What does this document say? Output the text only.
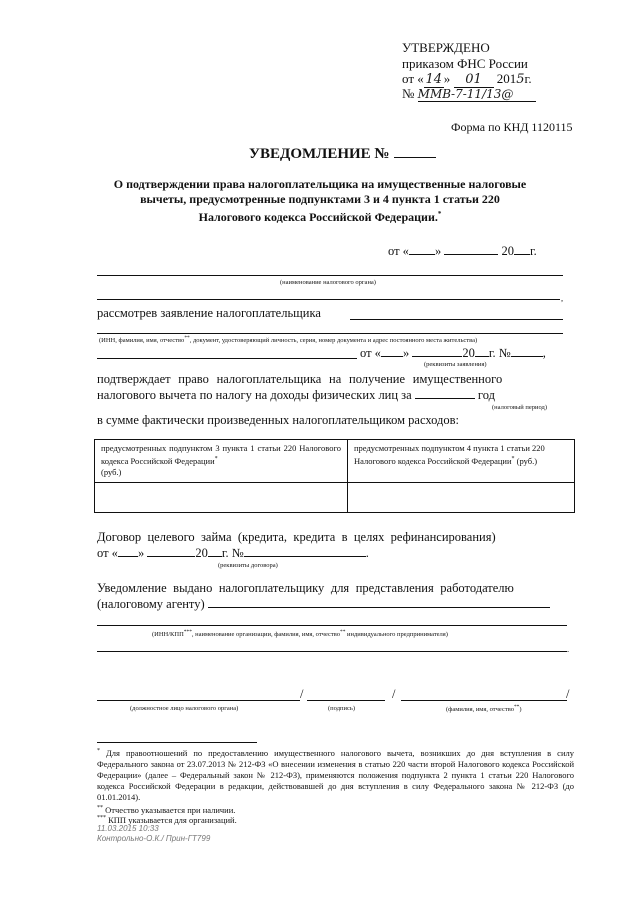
УТВЕРЖДЕНО
приказом ФНС России
от « 14 » 01 2015г.
№ ММВ-7-11/13@
Форма по КНД 1120115
УВЕДОМЛЕНИЕ №
О подтверждении права налогоплательщика на имущественные налоговые
вычеты, предусмотренные подпунктами 3 и 4 пункта 1 статьи 220
Налогового кодекса Российской Федерации.*
от « »	20 г.
(наименование налогового органа)
,
рассмотрев заявление налогоплательщика
(ИНН, фамилия, имя, отчество**, документ, удостоверяющий личность, серия, номер документа и адрес постоянного места жительства)
от « »	20 г. №	,
(реквизиты заявления)
подтверждает право налогоплательщика на получение имущественного
налогового вычета по налогу на доходы физических лиц за	год
(налоговый период)
в сумме фактически произведенных налогоплательщиком расходов:
предусмотренных подпунктом 3 пункта 1 статьи 220 Налогового кодекса Российской Федерации*
(руб.)	предусмотренных подпунктом 4 пункта 1 статьи 220 Налогового кодекса Российской Федерации* (руб.)

Договор целевого займа (кредита, кредита в целях рефинансирования)
от « »	20 г. №	.
(реквизиты договора)
Уведомление выдано налогоплательщику для представления работодателю
(налоговому агенту)
(ИНН/КПП***, наименование организации, фамилия, имя, отчество** индивидуального предпринимателя)
.
/	/	/
(должностное лицо налогового органа)	(подпись)	(фамилия, имя, отчество**)
* Для правоотношений по предоставлению имущественного налогового вычета, возникших до дня вступления в силу Федерального закона от 23.07.2013 № 212-ФЗ «О внесении изменения в статью 220 части второй Налогового кодекса Российской Федерации» (далее – Федеральный закон № 212-ФЗ), применяются положения подпункта 2 пункта 1 статьи 220 Налогового кодекса Российской Федерации в редакции, действовавшей до дня вступления в силу Федерального закона № 212-ФЗ (до 01.01.2014).
** Отчество указывается при наличии.
*** КПП указывается для организаций.
11.03.2015 10:33
Контрольно-О.К./ Прин-ГТ799
